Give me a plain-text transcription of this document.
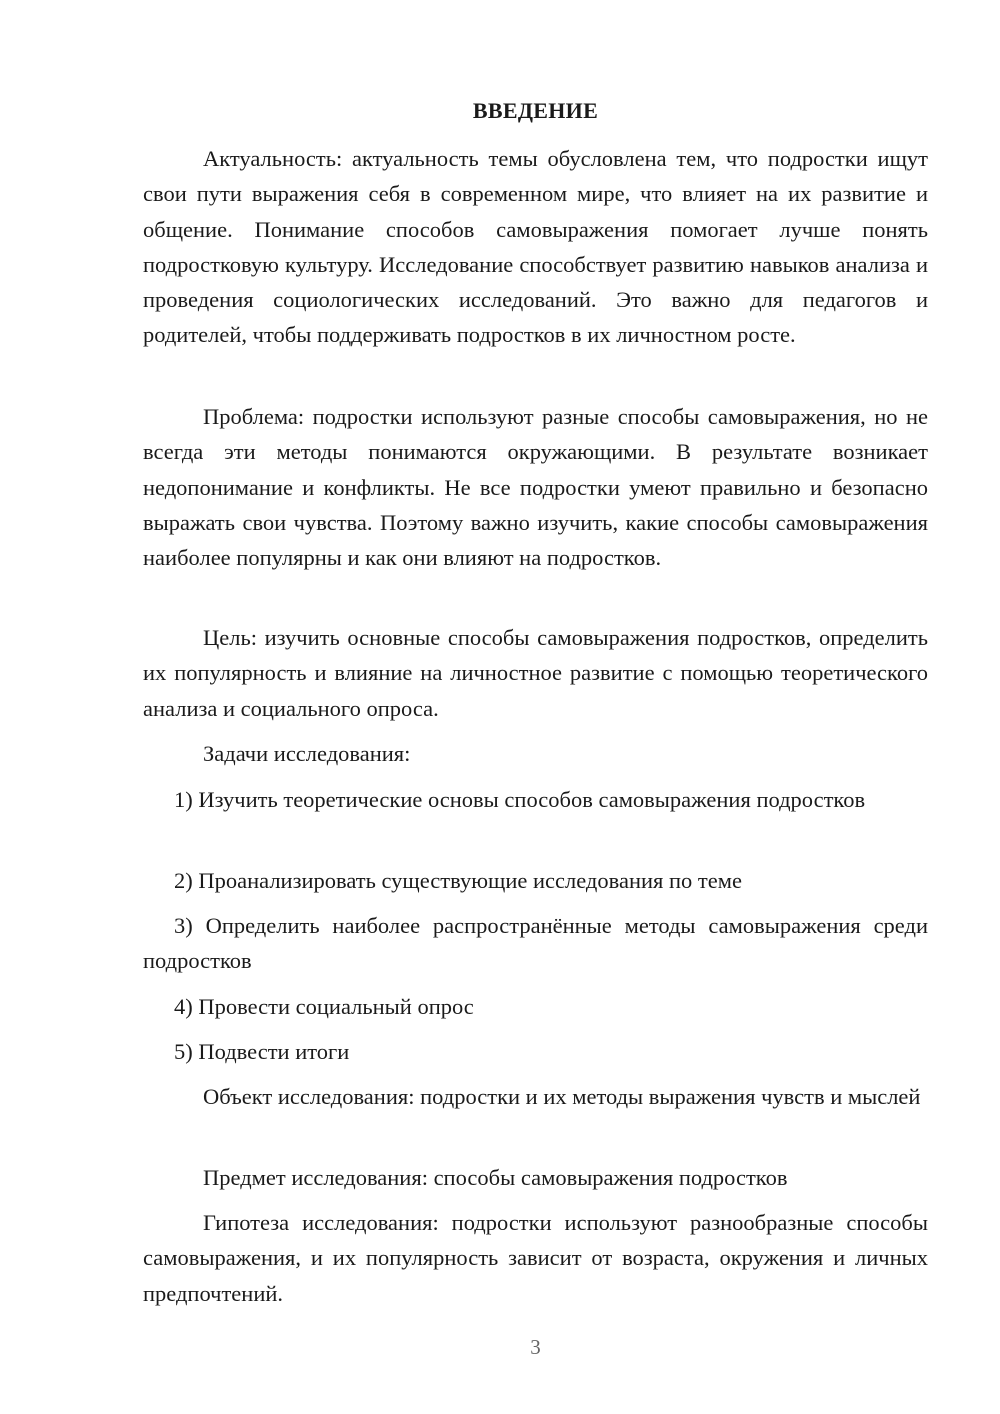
ВВЕДЕНИЕ

Актуальность: актуальность темы обусловлена тем, что подростки ищут свои пути выражения себя в современном мире, что влияет на их развитие и общение. Понимание способов самовыражения помогает лучше понять подростковую культуру. Исследование способствует развитию навыков анализа и проведения социологических исследований. Это важно для педагогов и родителей, чтобы поддерживать подростков в их личностном росте.

Проблема: подростки используют разные способы самовыражения, но не всегда эти методы понимаются окружающими. В результате возникает недопонимание и конфликты. Не все подростки умеют правильно и безопасно выражать свои чувства. Поэтому важно изучить, какие способы самовыражения наиболее популярны и как они влияют на подростков.

Цель: изучить основные способы самовыражения подростков, определить их популярность и влияние на личностное развитие с помощью теоретического анализа и социального опроса.

Задачи исследования:

1) Изучить теоретические основы способов самовыражения подростков

2) Проанализировать существующие исследования по теме

3) Определить наиболее распространённые методы самовыражения среди подростков

4) Провести социальный опрос

5) Подвести итоги

Объект исследования: подростки и их методы выражения чувств и мыслей

Предмет исследования: способы самовыражения подростков

Гипотеза исследования: подростки используют разнообразные способы самовыражения, и их популярность зависит от возраста, окружения и личных предпочтений.

3
